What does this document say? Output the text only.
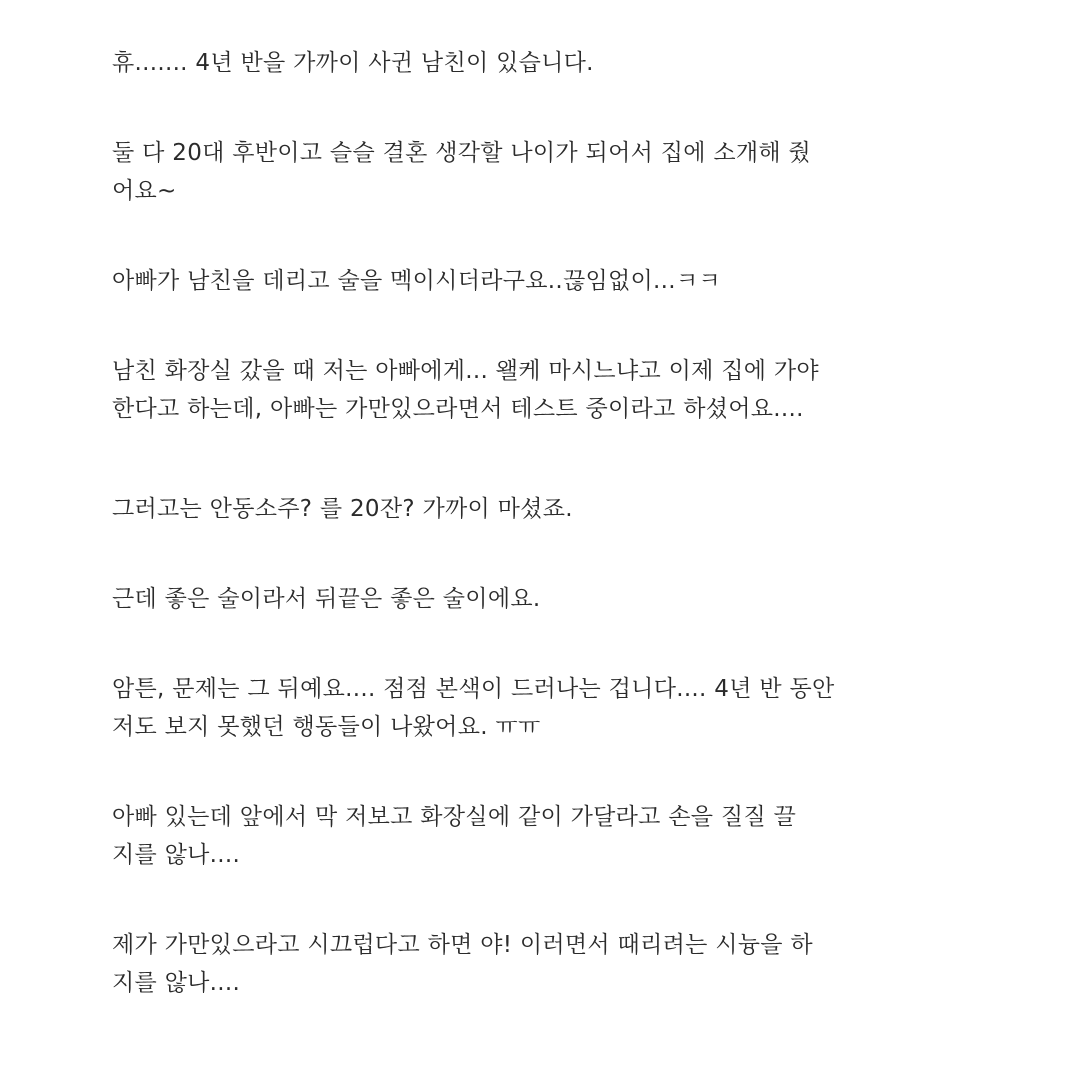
휴....... 4년 반을 가까이 사귄 남친이 있습니다.

둘 다 20대 후반이고 슬슬 결혼 생각할 나이가 되어서 집에 소개해 줬
어요~

아빠가 남친을 데리고 술을 멕이시더라구요..끊임없이...ㅋㅋ

남친 화장실 갔을 때 저는 아빠에게... 왤케 마시느냐고 이제 집에 가야
한다고 하는데, 아빠는 가만있으라면서 테스트 중이라고 하셨어요....

그러고는 안동소주? 를 20잔? 가까이 마셨죠.

근데 좋은 술이라서 뒤끝은 좋은 술이에요.

암튼, 문제는 그 뒤예요.... 점점 본색이 드러나는 겁니다.... 4년 반 동안
저도 보지 못했던 행동들이 나왔어요. ㅠㅠ

아빠 있는데 앞에서 막 저보고 화장실에 같이 가달라고 손을 질질 끌
지를 않나....

제가 가만있으라고 시끄럽다고 하면 야! 이러면서 때리려는 시늉을 하
지를 않나....
